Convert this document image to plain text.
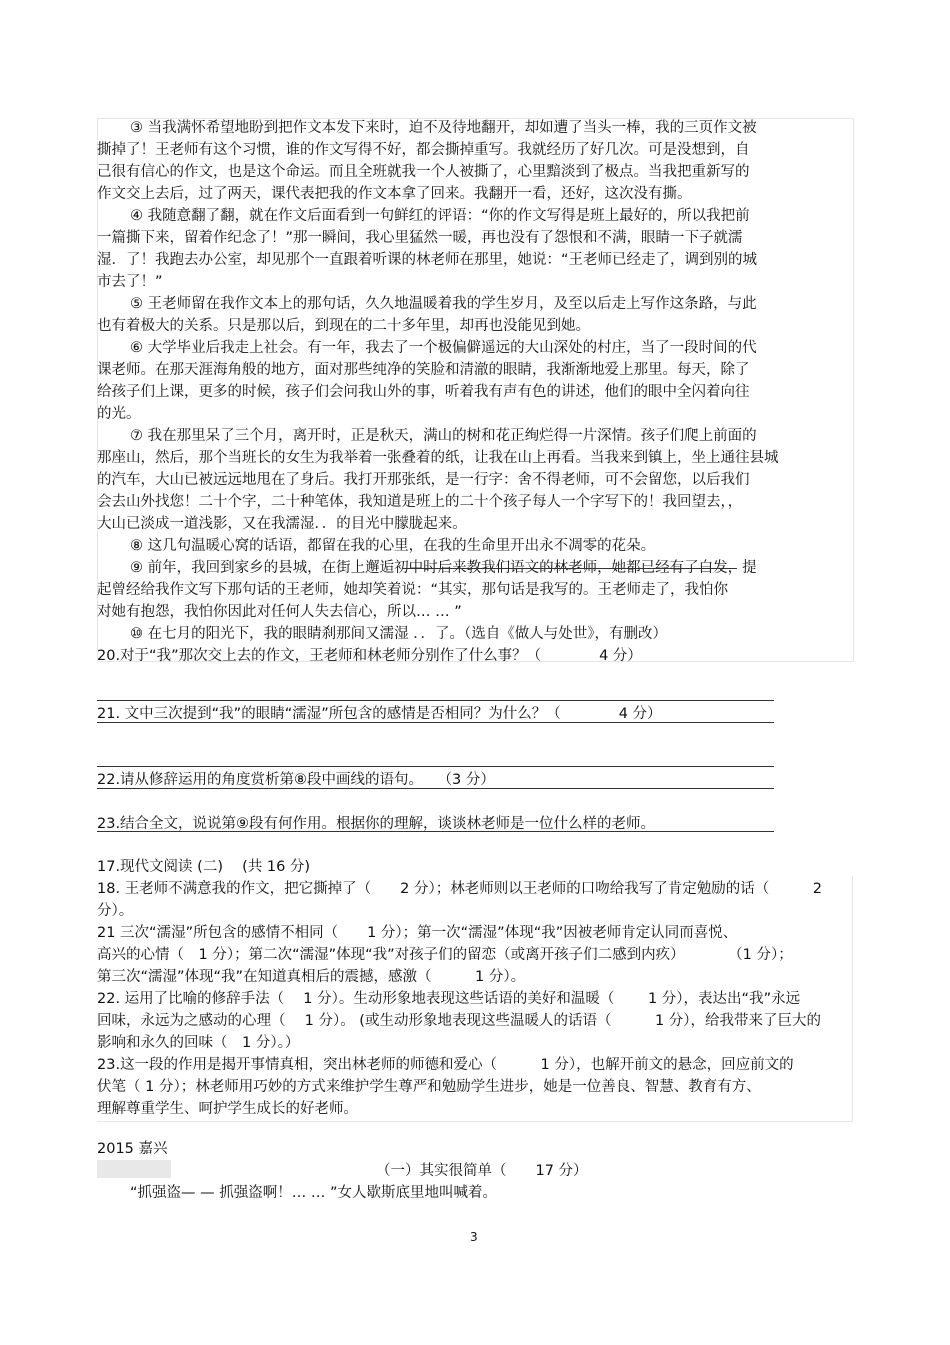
③ 当我满怀希望地盼到把作文本发下来时，迫不及待地翻开，却如遭了当头一棒，我的三页作文被
撕掉了！王老师有这个习惯，谁的作文写得不好，都会撕掉重写。我就经历了好几次。可是没想到，自
己很有信心的作文，也是这个命运。而且全班就我一个人被撕了，心里黯淡到了极点。当我把重新写的
作文交上去后，过了两天，课代表把我的作文本拿了回来。我翻开一看，还好，这次没有撕。
④ 我随意翻了翻，就在作文后面看到一句鲜红的评语：“你的作文写得是班上最好的，所以我把前
一篇撕下来，留着作纪念了！”那一瞬间，我心里猛然一暖，再也没有了怨恨和不满，眼睛一下子就濡
湿．了！我跑去办公室，却见那个一直跟着听课的林老师在那里，她说：“王老师已经走了，调到别的城
市去了！”
⑤ 王老师留在我作文本上的那句话，久久地温暖着我的学生岁月，及至以后走上写作这条路，与此
也有着极大的关系。只是那以后，到现在的二十多年里，却再也没能见到她。
⑥ 大学毕业后我走上社会。有一年，我去了一个极偏僻遥远的大山深处的村庄，当了一段时间的代
课老师。在那天涯海角般的地方，面对那些纯净的笑脸和清澈的眼睛，我渐渐地爱上那里。每天，除了
给孩子们上课，更多的时候，孩子们会问我山外的事，听着我有声有色的讲述，他们的眼中全闪着向往
的光。
⑦ 我在那里呆了三个月，离开时，正是秋天，满山的树和花正绚烂得一片深情。孩子们爬上前面的
那座山，然后，那个当班长的女生为我举着一张叠着的纸，让我在山上再看。当我来到镇上，坐上通往县城
的汽车，大山已被远远地甩在了身后。我打开那张纸，是一行字：舍不得老师，可不会留您，以后我们
会去山外找您！二十个字，二十种笔体，我知道是班上的二十个孩子每人一个字写下的！我回望去，，
大山已淡成一道浅影，又在我濡湿．．的目光中朦胧起来。
⑧ 这几句温暖心窝的话语，都留在我的心里，在我的生命里开出永不凋零的花朵。
⑨ 前年，我回到家乡的县城，在街上邂逅初中时后来教我们语文的林老师，她都已经有了白发，提
起曾经给我作文写下那句话的王老师，她却笑着说：“其实，那句话是我写的。王老师走了，我怕你
对她有抱怨，我怕你因此对任何人失去信心，所以… … ”
⑩ 在七月的阳光下，我的眼睛刹那间又濡湿 ．．了。（选自《做人与处世》，有删改）
20.对于“我”那次交上去的作文，王老师和林老师分别作了什么事？（　　　　4 分）
21. 文中三次提到“我”的眼睛“濡湿”所包含的感情是否相同？为什么？（　　　　4 分）
22.请从修辞运用的角度赏析第⑧段中画线的语句。　　（3 分）
23.结合全文，说说第⑨段有何作用。根据你的理解，谈谈林老师是一位什么样的老师。
17.现代文阅读 (二)　 (共 16 分)
18. 王老师不满意我的作文，把它撕掉了（　　2 分）；林老师则以王老师的口吻给我写了肯定勉励的话（　　　2
分）。
21 三次“濡湿”所包含的感情不相同（　　1 分）；第一次“濡湿”体现“我”因被老师肯定认同而喜悦、
高兴的心情（　1 分）；第二次“濡湿”体现“我”对孩子们的留恋（或离开孩子们二感到内疚）　　　　（1 分）；
第三次“濡湿”体现“我”在知道真相后的震撼，感激（　　　1 分）。
22. 运用了比喻的修辞手法（　 1 分）。生动形象地表现这些话语的美好和温暖（　　 1 分），表达出“我”永远
回味，永远为之感动的心理（　 1 分）。 (或生动形象地表现这些温暖人的话语（　　　1 分），给我带来了巨大的
影响和永久的回味（　1 分）。）
23.这一段的作用是揭开事情真相，突出林老师的师德和爱心（　　　1 分），也解开前文的悬念，回应前文的
伏笔（ 1 分）；林老师用巧妙的方式来维护学生尊严和勉励学生进步，她是一位善良、智慧、教育有方、
理解尊重学生、呵护学生成长的好老师。
2015 嘉兴
（一）其实很简单（　　17 分）
“抓强盗— — 抓强盗啊！… … ”女人歇斯底里地叫喊着。
3
